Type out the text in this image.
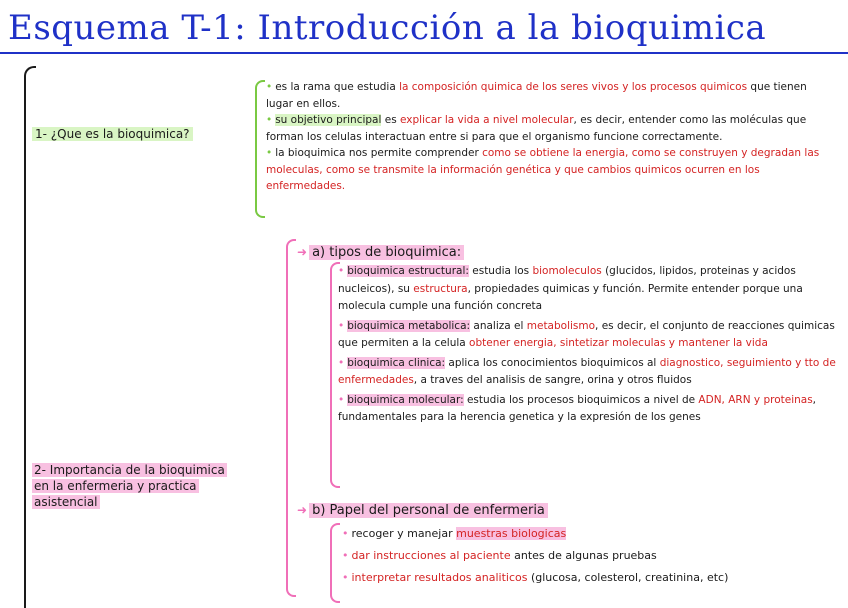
Esquema T-1: Introducción a la bioquimica
1- ¿Que es la bioquimica?
• es la rama que estudia la composición quimica de los seres vivos y los procesos quimicos que tienen lugar en ellos.
• su objetivo principal es explicar la vida a nivel molecular, es decir, entender como las moléculas que forman los celulas interactuan entre si para que el organismo funcione correctamente.
• la bioquimica nos permite comprender como se obtiene la energia, como se construyen y degradan las moleculas, como se transmite la información genética y que cambios quimicos ocurren en los enfermedades.
2- Importancia de la bioquimica
en la enfermeria y practica
asistencial
➜ a) tipos de bioquimica:
• bioquimica estructural: estudia los biomoleculos (glucidos, lipidos, proteinas y acidos nucleicos), su estructura, propiedades quimicas y función. Permite entender porque una molecula cumple una función concreta
• bioquimica metabolica: analiza el metabolismo, es decir, el conjunto de reacciones quimicas que permiten a la celula obtener energia, sintetizar moleculas y mantener la vida
• bioquimica clinica: aplica los conocimientos bioquimicos al diagnostico, seguimiento y tto de enfermedades, a traves del analisis de sangre, orina y otros fluidos
• bioquimica molecular: estudia los procesos bioquimicos a nivel de ADN, ARN y proteinas, fundamentales para la herencia genetica y la expresión de los genes
➜ b) Papel del personal de enfermeria
• recoger y manejar muestras biologicas
• dar instrucciones al paciente antes de algunas pruebas
• interpretar resultados analiticos (glucosa, colesterol, creatinina, etc)
